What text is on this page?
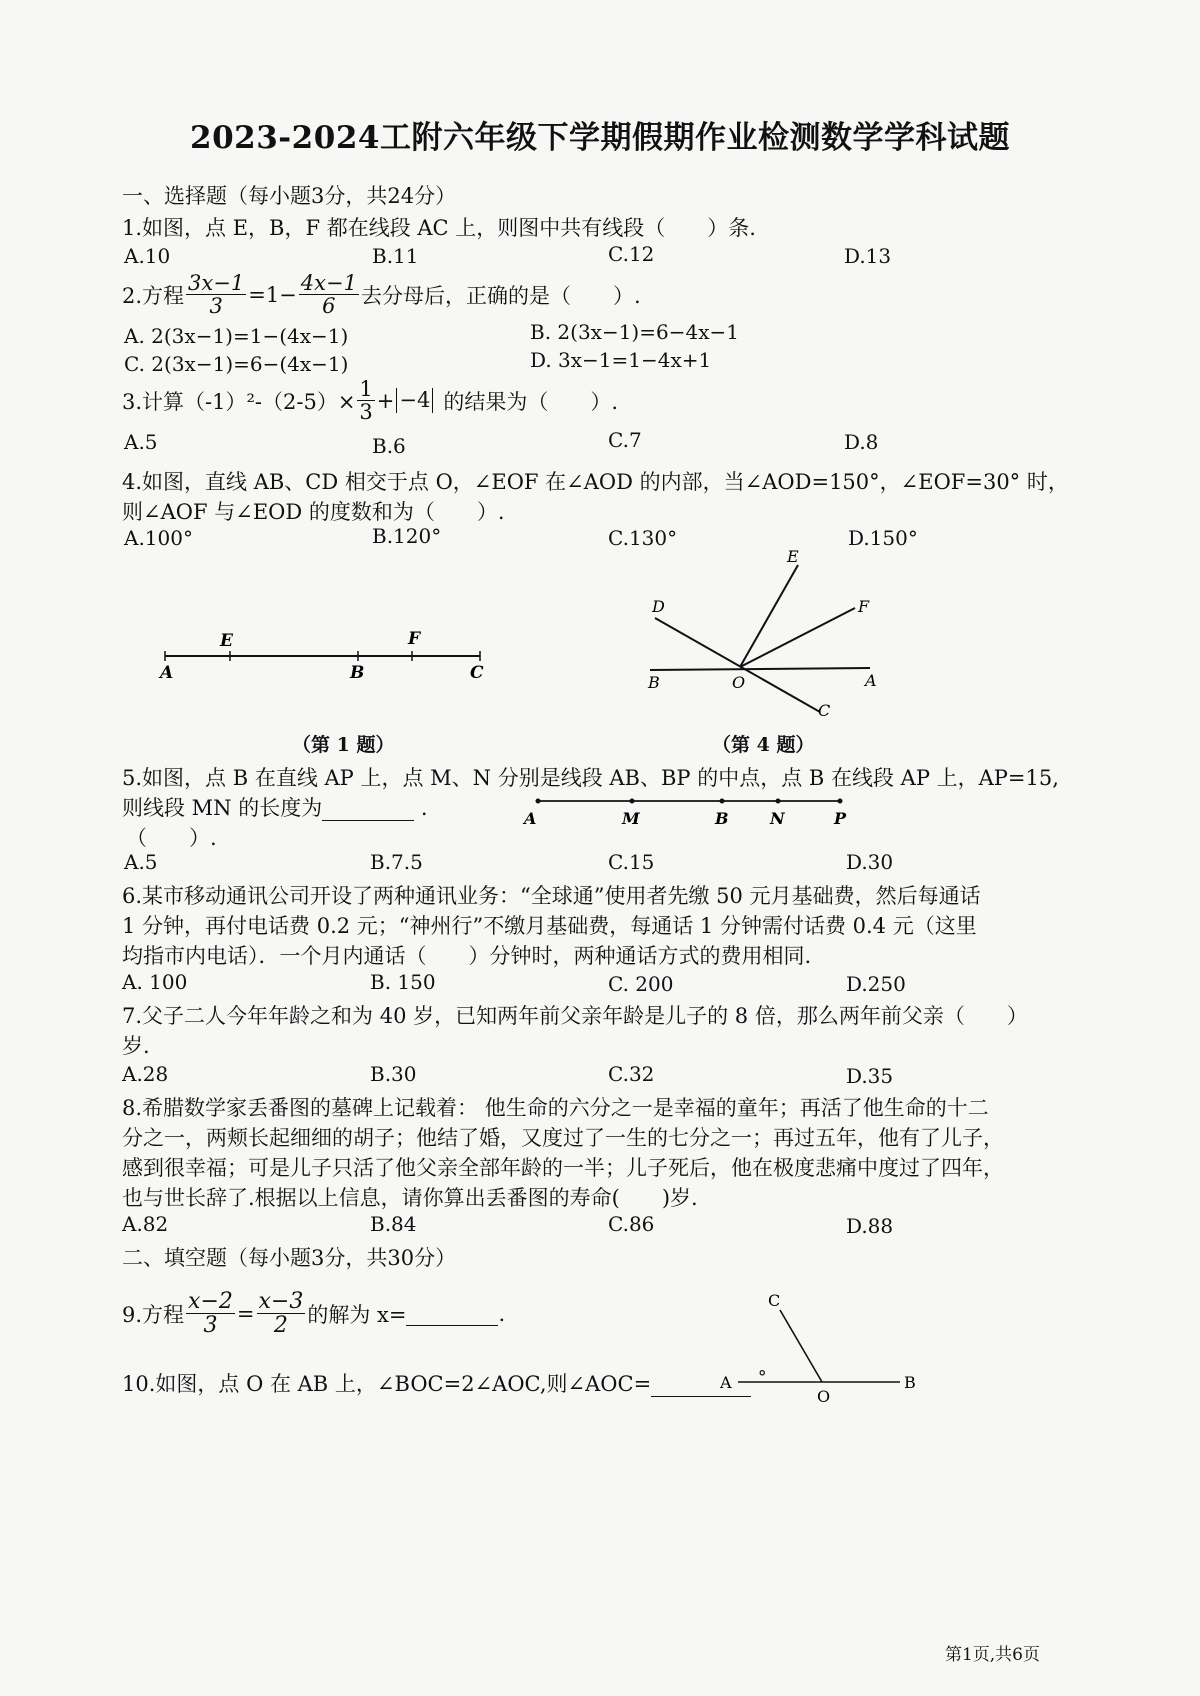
2023-2024工附六年级下学期假期作业检测数学学科试题
一、选择题（每小题3分，共24分）
1.如图，点 E，B，F 都在线段 AC 上，则图中共有线段（　　）条.
A.10	B.11	C.12	D.13
2.方程 $\frac{3x-1}{3} =1- \frac{4x-1}{6}$ 去分母后，正确的是（　　）.
A. 2(3x−1)=1−(4x−1)	B. 2(3x−1)=6−4x−1
C. 2(3x−1)=6−(4x−1)	D. 3x−1=1−4x+1
3.计算$(-1)^2-(2-5)\times \frac{1}{3} + -4$ 的结果为（　　）.
A.5	B.6	C.7	D.8
4.如图，直线 AB、CD 相交于点 O，∠EOF 在∠AOD 的内部，当∠AOD=150°，∠EOF=30° 时，
则∠AOF 与∠EOD 的度数和为（　　）.
A.100°	B.120°	C.130°	D.150°
A
E
B
F
C
（第 1 题）
E
F
D
B	O	A
C
（第 4 题）
5.如图，点 B 在直线 AP 上，点 M、N 分别是线段 AB、BP 的中点，点 B 在线段 AP 上，AP=15,
则线段 MN 的长度为	.
（　　）.
A	M	B	N	P
A.5	B.7.5	C.15	D.30
6.某市移动通讯公司开设了两种通讯业务：“全球通”使用者先缴 50 元月基础费，然后每通话
1 分钟，再付电话费 0.2 元；“神州行”不缴月基础费，每通话 1 分钟需付话费 0.4 元（这里
均指市内电话）．一个月内通话（　　）分钟时，两种通话方式的费用相同.
A. 100	B. 150	C. 200	D.250
7.父子二人今年年龄之和为 40 岁，已知两年前父亲年龄是儿子的 8 倍，那么两年前父亲（　　）
岁.
A.28	B.30	C.32	D.35
8.希腊数学家丢番图的墓碑上记载着： 他生命的六分之一是幸福的童年；再活了他生命的十二
分之一，两颊长起细细的胡子；他结了婚，又度过了一生的七分之一；再过五年，他有了儿子，
感到很幸福；可是儿子只活了他父亲全部年龄的一半；儿子死后，他在极度悲痛中度过了四年，
也与世长辞了.根据以上信息，请你算出丢番图的寿命(　　)岁.
A.82	B.84	C.86	D.88
二、填空题（每小题3分，共30分）
9.方程 $\frac{x-2}{3} = \frac{x-3}{2}$ 的解为 x=
	.
10.如图，点 O 在 AB 上，∠BOC=2∠AOC,则∠AOC=	°
C
A
O
B
第1页,共6页
